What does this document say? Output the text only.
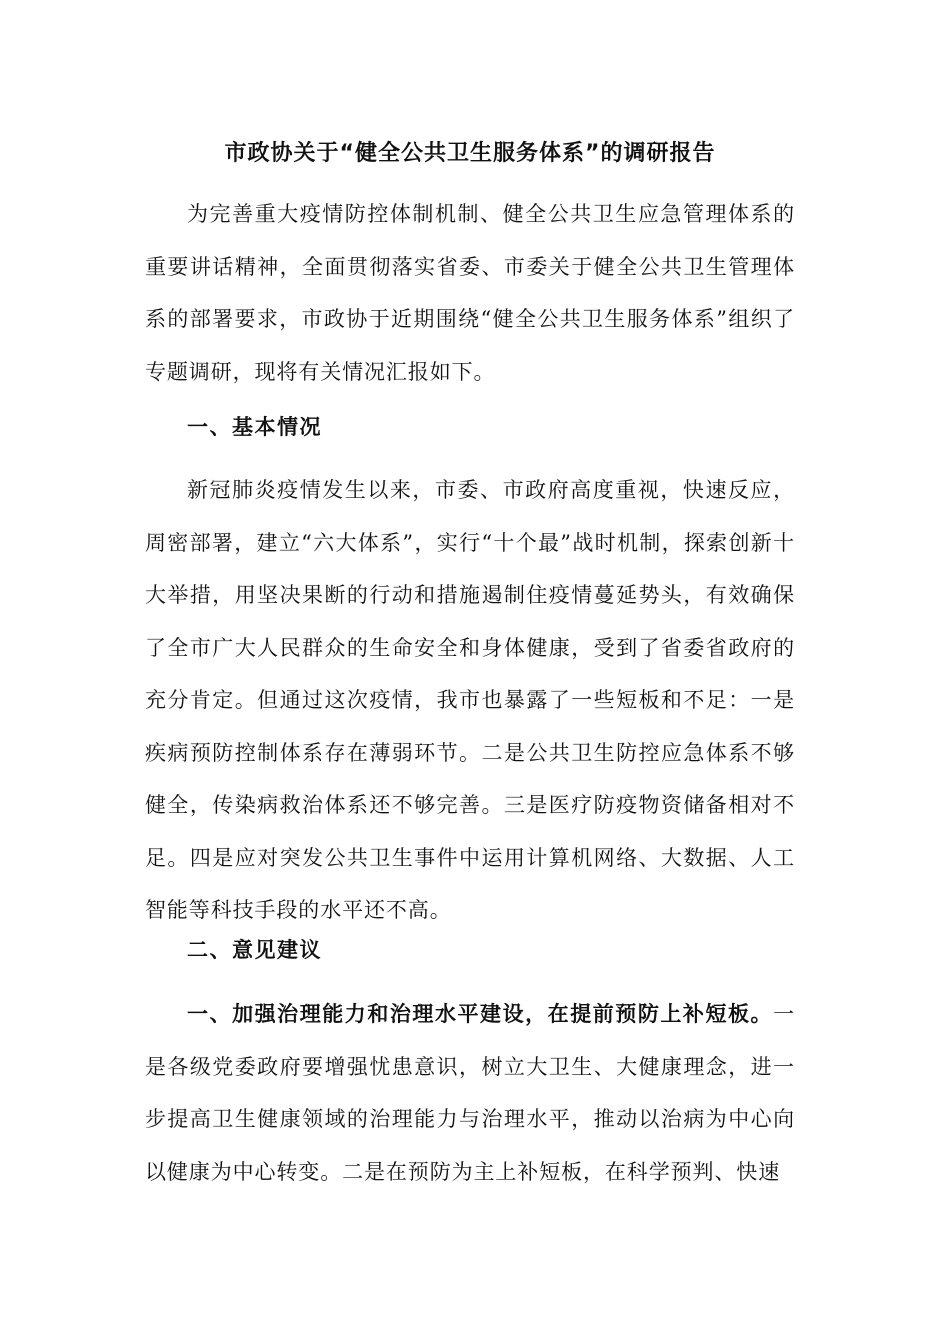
市政协关于“健全公共卫生服务体系”的调研报告
为完善重大疫情防控体制机制、健全公共卫生应急管理体系的重要讲话精神，全面贯彻落实省委、市委关于健全公共卫生管理体系的部署要求，市政协于近期围绕“健全公共卫生服务体系”组织了专题调研，现将有关情况汇报如下。
一、基本情况
新冠肺炎疫情发生以来，市委、市政府高度重视，快速反应，周密部署，建立“六大体系”，实行“十个最”战时机制，探索创新十大举措，用坚决果断的行动和措施遏制住疫情蔓延势头，有效确保了全市广大人民群众的生命安全和身体健康，受到了省委省政府的充分肯定。但通过这次疫情，我市也暴露了一些短板和不足：一是疾病预防控制体系存在薄弱环节。二是公共卫生防控应急体系不够健全，传染病救治体系还不够完善。三是医疗防疫物资储备相对不足。四是应对突发公共卫生事件中运用计算机网络、大数据、人工智能等科技手段的水平还不高。
二、意见建议
一、加强治理能力和治理水平建设，在提前预防上补短板。一是各级党委政府要增强忧患意识，树立大卫生、大健康理念，进一步提高卫生健康领域的治理能力与治理水平，推动以治病为中心向以健康为中心转变。二是在预防为主上补短板，在科学预判、快速
